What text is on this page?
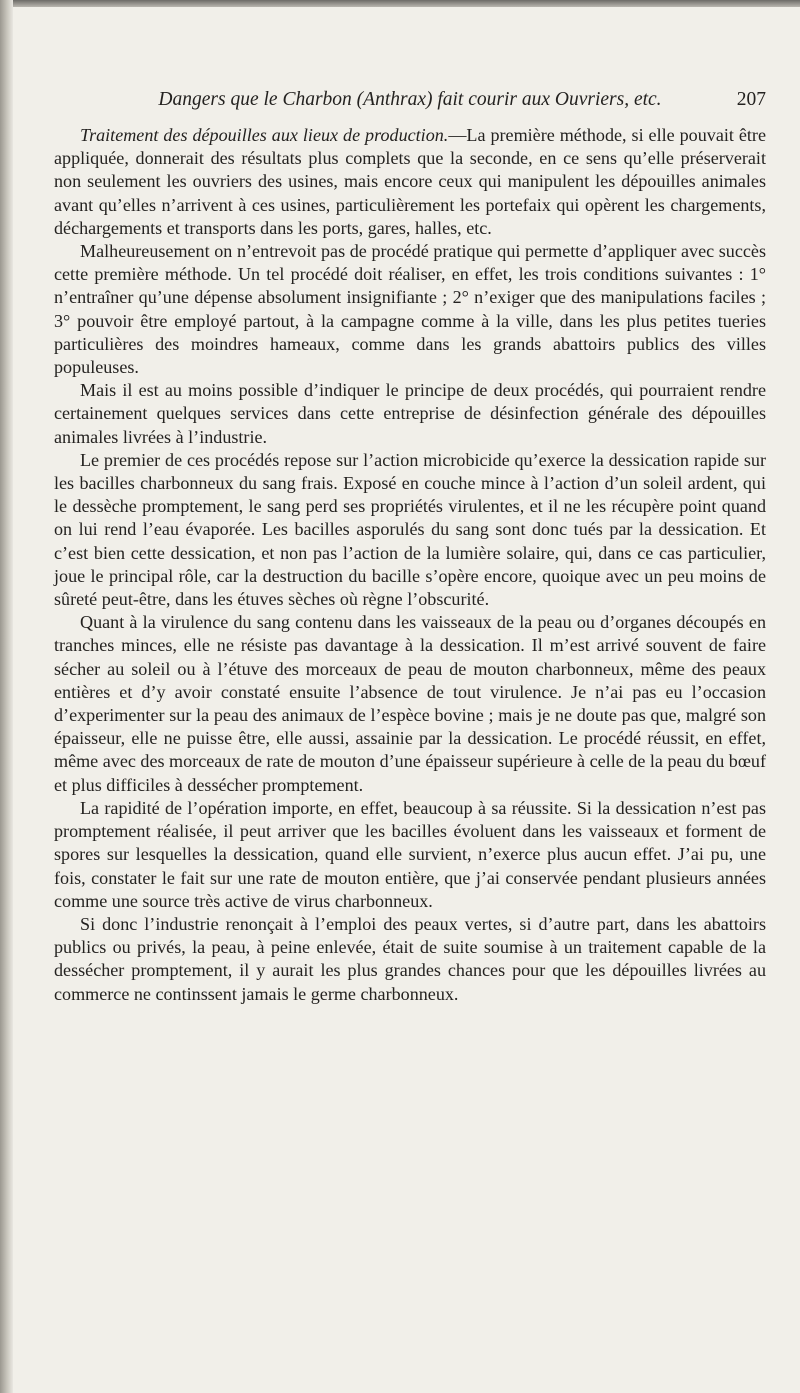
Dangers que le Charbon (Anthrax) fait courir aux Ouvriers, etc.	207

Traitement des dépouilles aux lieux de production.—La première méthode, si elle pouvait être appliquée, donnerait des résultats plus complets que la seconde, en ce sens qu’elle préserverait non seulement les ouvriers des usines, mais encore ceux qui manipulent les dépouilles animales avant qu’elles n’arrivent à ces usines, particulièrement les portefaix qui opèrent les chargements, déchargements et transports dans les ports, gares, halles, etc.

Malheureusement on n’entrevoit pas de procédé pratique qui permette d’appliquer avec succès cette première méthode. Un tel procédé doit réaliser, en effet, les trois conditions suivantes : 1° n’entraîner qu’une dépense absolument insignifiante ; 2° n’exiger que des manipulations faciles ; 3° pouvoir être employé partout, à la campagne comme à la ville, dans les plus petites tueries particulières des moindres hameaux, comme dans les grands abattoirs publics des villes populeuses.

Mais il est au moins possible d’indiquer le principe de deux procédés, qui pourraient rendre certainement quelques services dans cette entreprise de désinfection générale des dépouilles animales livrées à l’industrie.

Le premier de ces procédés repose sur l’action microbicide qu’exerce la dessication rapide sur les bacilles charbonneux du sang frais. Exposé en couche mince à l’action d’un soleil ardent, qui le dessèche promptement, le sang perd ses propriétés virulentes, et il ne les récupère point quand on lui rend l’eau évaporée. Les bacilles asporulés du sang sont donc tués par la dessication. Et c’est bien cette dessication, et non pas l’action de la lumière solaire, qui, dans ce cas particulier, joue le principal rôle, car la destruction du bacille s’opère encore, quoique avec un peu moins de sûreté peut-être, dans les étuves sèches où règne l’obscurité.

Quant à la virulence du sang contenu dans les vaisseaux de la peau ou d’organes découpés en tranches minces, elle ne résiste pas davantage à la dessication. Il m’est arrivé souvent de faire sécher au soleil ou à l’étuve des morceaux de peau de mouton charbonneux, même des peaux entières et d’y avoir constaté ensuite l’absence de tout virulence. Je n’ai pas eu l’occasion d’experimenter sur la peau des animaux de l’espèce bovine ; mais je ne doute pas que, malgré son épaisseur, elle ne puisse être, elle aussi, assainie par la dessication. Le procédé réussit, en effet, même avec des morceaux de rate de mouton d’une épaisseur supérieure à celle de la peau du bœuf et plus difficiles à dessécher promptement.

La rapidité de l’opération importe, en effet, beaucoup à sa réussite. Si la dessication n’est pas promptement réalisée, il peut arriver que les bacilles évoluent dans les vaisseaux et forment de spores sur lesquelles la dessication, quand elle survient, n’exerce plus aucun effet. J’ai pu, une fois, constater le fait sur une rate de mouton entière, que j’ai conservée pendant plusieurs années comme une source très active de virus charbonneux.

Si donc l’industrie renonçait à l’emploi des peaux vertes, si d’autre part, dans les abattoirs publics ou privés, la peau, à peine enlevée, était de suite soumise à un traitement capable de la dessécher promptement, il y aurait les plus grandes chances pour que les dépouilles livrées au commerce ne continssent jamais le germe charbonneux.
